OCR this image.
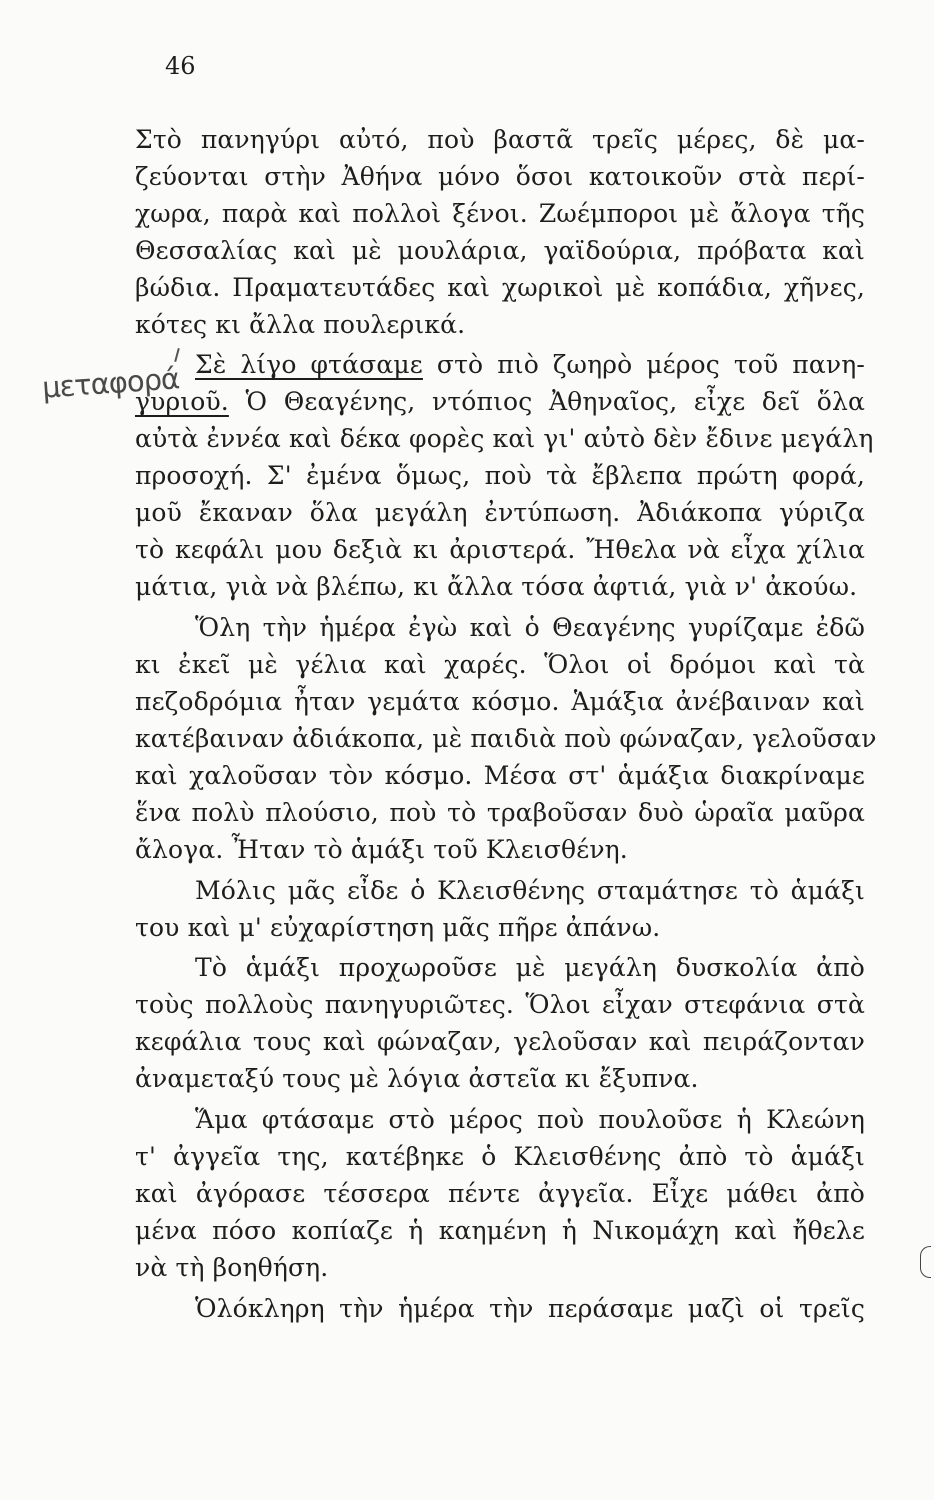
46
μεταφορά
Στὸ πανηγύρι αὐτό, ποὺ βαστᾶ τρεῖς μέρες, δὲ μα-
ζεύονται στὴν Ἀθήνα μόνο ὅσοι κατοικοῦν στὰ περί-
χωρα, παρὰ καὶ πολλοὶ ξένοι. Ζωέμποροι μὲ ἄλογα τῆς
Θεσσαλίας καὶ μὲ μουλάρια, γαϊδούρια, πρόβατα καὶ
βώδια. Πραματευτάδες καὶ χωρικοὶ μὲ κοπάδια, χῆνες,
κότες κι ἄλλα πουλερικά.
Σὲ λίγο φτάσαμε στὸ πιὸ ζωηρὸ μέρος τοῦ πανη-
γυριοῦ. Ὁ Θεαγένης, ντόπιος Ἀθηναῖος, εἶχε δεῖ ὅλα
αὐτὰ ἐννέα καὶ δέκα φορὲς καὶ γι' αὐτὸ δὲν ἔδινε μεγάλη
προσοχή. Σ' ἐμένα ὅμως, ποὺ τὰ ἔβλεπα πρώτη φορά,
μοῦ ἔκαναν ὅλα μεγάλη ἐντύπωση. Ἀδιάκοπα γύριζα
τὸ κεφάλι μου δεξιὰ κι ἀριστερά. Ἤθελα νὰ εἶχα χίλια
μάτια, γιὰ νὰ βλέπω, κι ἄλλα τόσα ἀφτιά, γιὰ ν' ἀκούω.
Ὅλη τὴν ἡμέρα ἐγὼ καὶ ὁ Θεαγένης γυρίζαμε ἐδῶ
κι ἐκεῖ μὲ γέλια καὶ χαρές. Ὅλοι οἱ δρόμοι καὶ τὰ
πεζοδρόμια ἦταν γεμάτα κόσμο. Ἁμάξια ἀνέβαιναν καὶ
κατέβαιναν ἀδιάκοπα, μὲ παιδιὰ ποὺ φώναζαν, γελοῦσαν
καὶ χαλοῦσαν τὸν κόσμο. Μέσα στ' ἁμάξια διακρίναμε
ἕνα πολὺ πλούσιο, ποὺ τὸ τραβοῦσαν δυὸ ὡραῖα μαῦρα
ἄλογα. Ἦταν τὸ ἁμάξι τοῦ Κλεισθένη.
Μόλις μᾶς εἶδε ὁ Κλεισθένης σταμάτησε τὸ ἁμάξι
του καὶ μ' εὐχαρίστηση μᾶς πῆρε ἀπάνω.
Τὸ ἁμάξι προχωροῦσε μὲ μεγάλη δυσκολία ἀπὸ
τοὺς πολλοὺς πανηγυριῶτες. Ὅλοι εἶχαν στεφάνια στὰ
κεφάλια τους καὶ φώναζαν, γελοῦσαν καὶ πειράζονταν
ἀναμεταξύ τους μὲ λόγια ἀστεῖα κι ἔξυπνα.
Ἅμα φτάσαμε στὸ μέρος ποὺ πουλοῦσε ἡ Κλεώνη
τ' ἀγγεῖα της, κατέβηκε ὁ Κλεισθένης ἀπὸ τὸ ἁμάξι
καὶ ἀγόρασε τέσσερα πέντε ἀγγεῖα. Εἶχε μάθει ἀπὸ
μένα πόσο κοπίαζε ἡ καημένη ἡ Νικομάχη καὶ ἤθελε
νὰ τὴ βοηθήση.
Ὁλόκληρη τὴν ἡμέρα τὴν περάσαμε μαζὶ οἱ τρεῖς
